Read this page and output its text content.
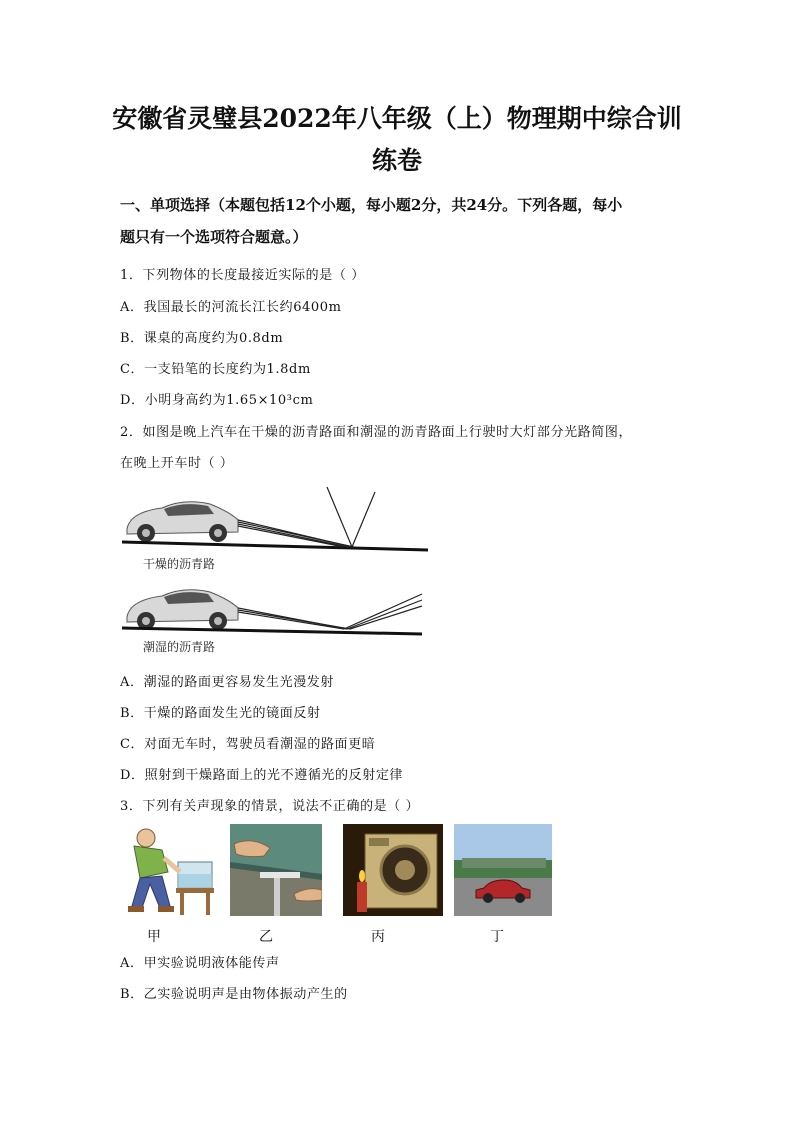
安徽省灵璧县2022年八年级（上）物理期中综合训
练卷
一、单项选择（本题包括12个小题，每小题2分，共24分。下列各题，每小
题只有一个选项符合题意。）
1．下列物体的长度最接近实际的是（ ）
A．我国最长的河流长江长约6400m
B．课桌的高度约为0.8dm
C．一支铅笔的长度约为1.8dm
D．小明身高约为1.65×10³cm
2．如图是晚上汽车在干燥的沥青路面和潮湿的沥青路面上行驶时大灯部分光路简图，
在晚上开车时（ ）
干燥的沥青路
潮湿的沥青路
A．潮湿的路面更容易发生光漫发射
B．干燥的路面发生光的镜面反射
C．对面无车时，驾驶员看潮湿的路面更暗
D．照射到干燥路面上的光不遵循光的反射定律
3．下列有关声现象的情景，说法不正确的是（ ）
甲	乙	丙	丁
A．甲实验说明液体能传声
B．乙实验说明声是由物体振动产生的
